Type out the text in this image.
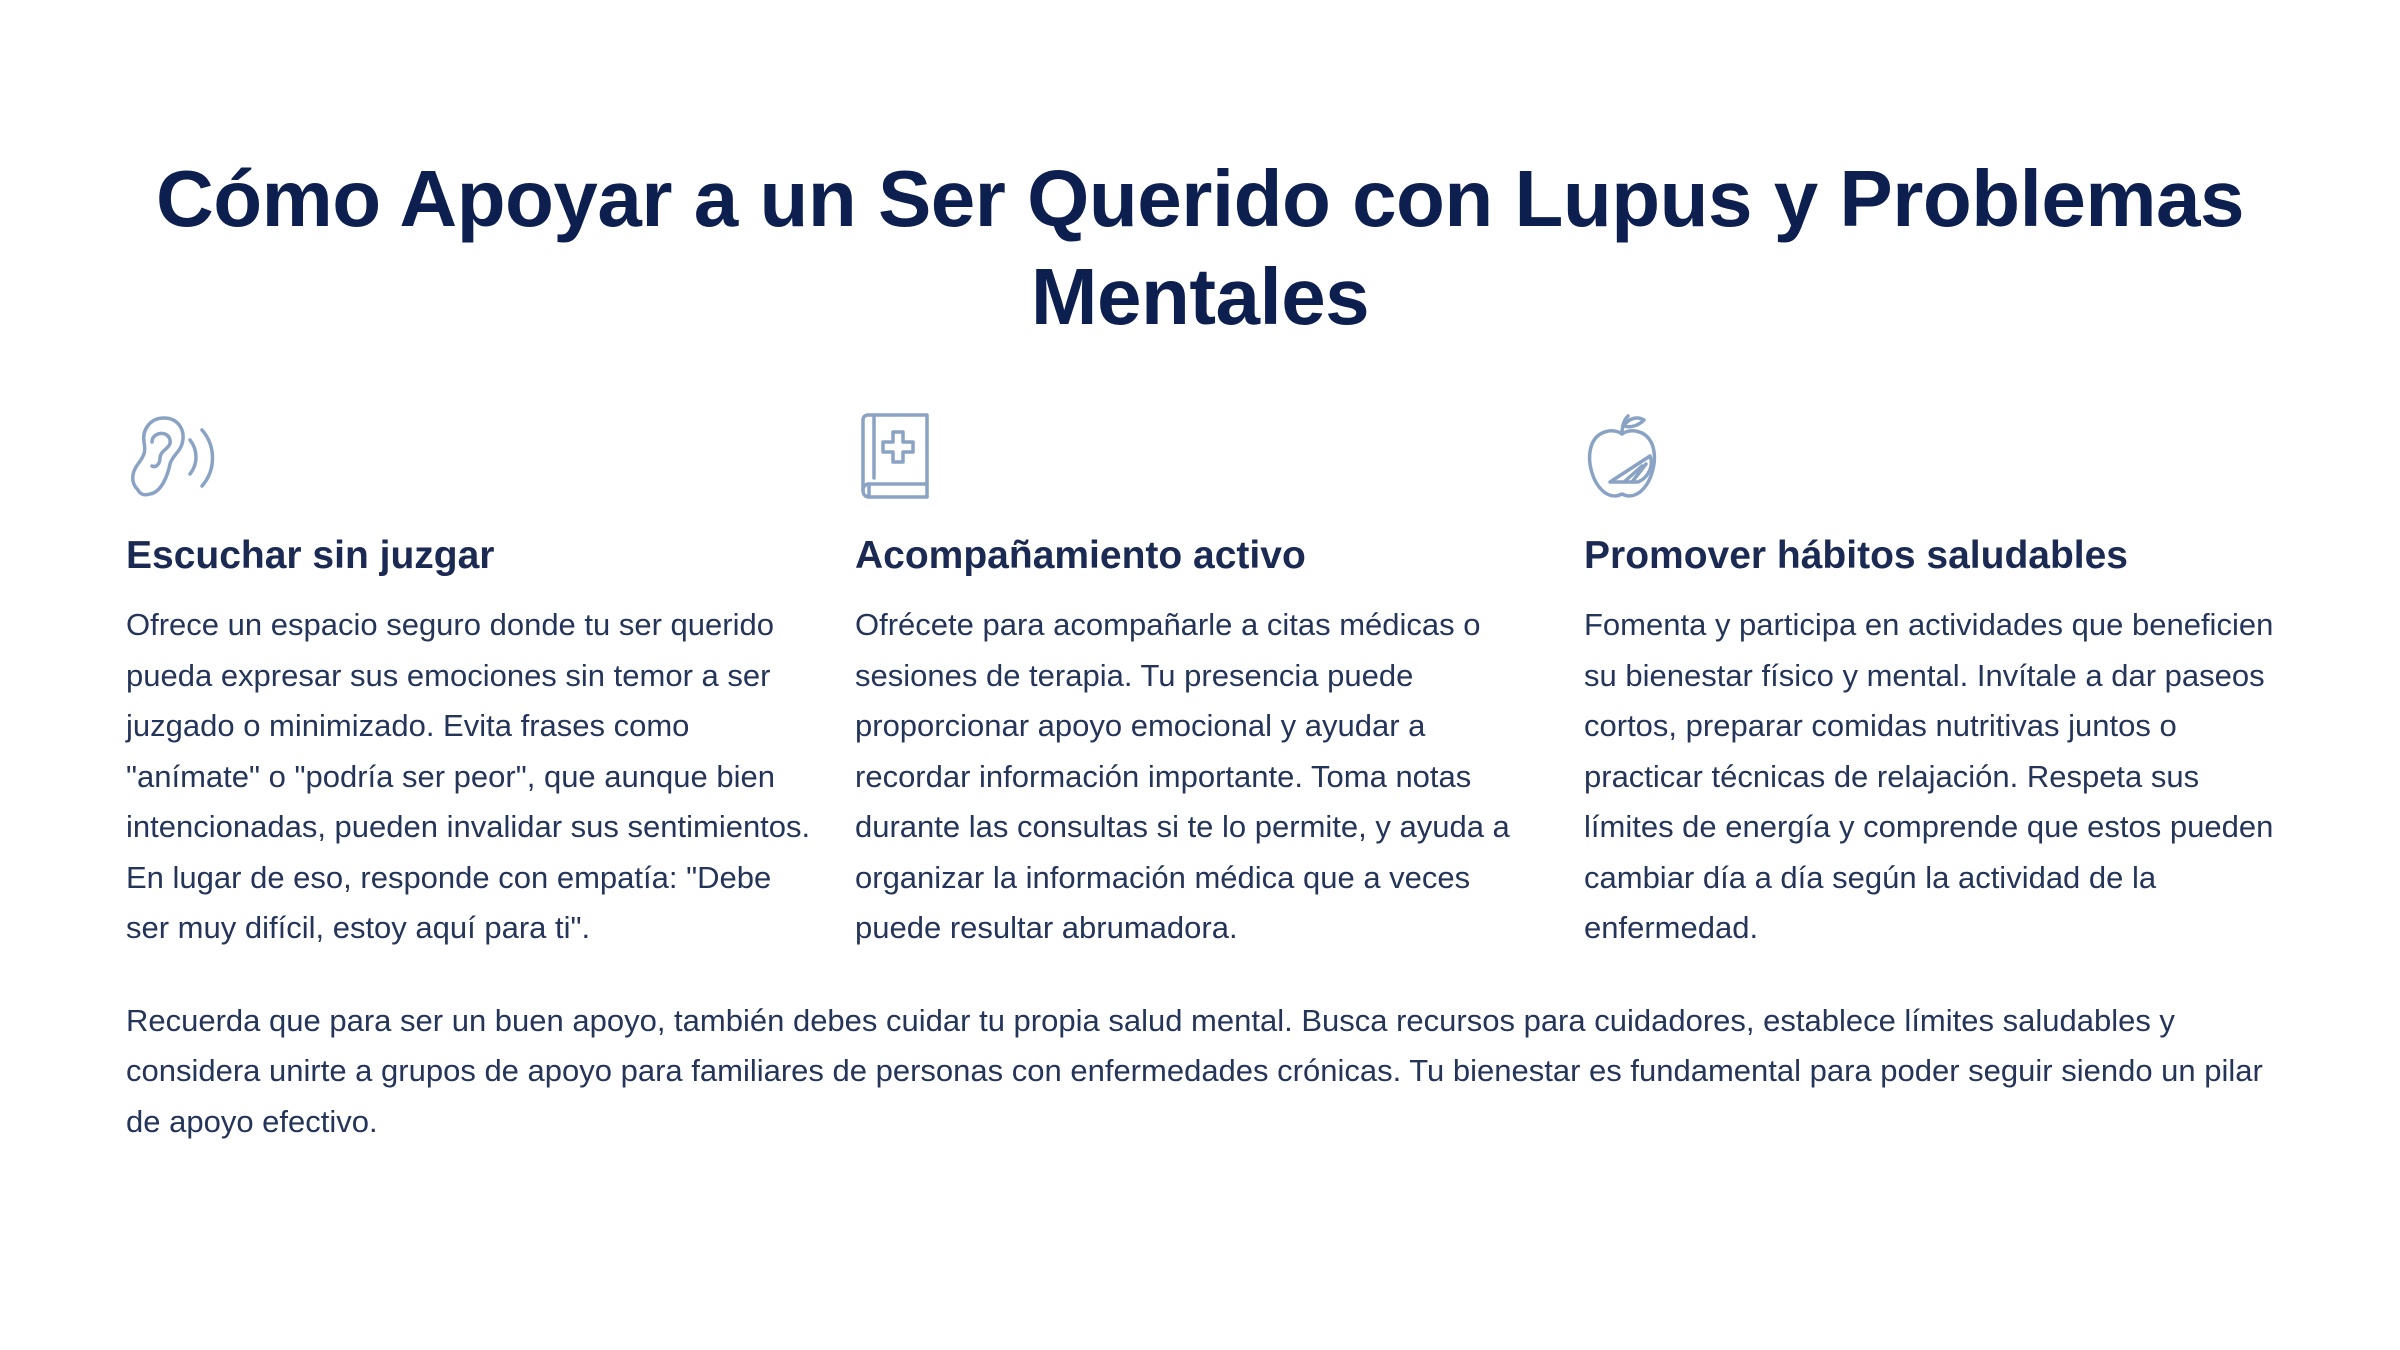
Cómo Apoyar a un Ser Querido con Lupus y Problemas Mentales
Escuchar sin juzgar

Ofrece un espacio seguro donde tu ser querido pueda expresar sus emociones sin temor a ser juzgado o minimizado. Evita frases como "anímate" o "podría ser peor", que aunque bien intencionadas, pueden invalidar sus sentimientos. En lugar de eso, responde con empatía: "Debe ser muy difícil, estoy aquí para ti".

Acompañamiento activo

Ofrécete para acompañarle a citas médicas o sesiones de terapia. Tu presencia puede proporcionar apoyo emocional y ayudar a recordar información importante. Toma notas durante las consultas si te lo permite, y ayuda a organizar la información médica que a veces puede resultar abrumadora.

Promover hábitos saludables

Fomenta y participa en actividades que beneficien su bienestar físico y mental. Invítale a dar paseos cortos, preparar comidas nutritivas juntos o practicar técnicas de relajación. Respeta sus límites de energía y comprende que estos pueden cambiar día a día según la actividad de la enfermedad.

Recuerda que para ser un buen apoyo, también debes cuidar tu propia salud mental. Busca recursos para cuidadores, establece límites saludables y considera unirte a grupos de apoyo para familiares de personas con enfermedades crónicas. Tu bienestar es fundamental para poder seguir siendo un pilar de apoyo efectivo.
